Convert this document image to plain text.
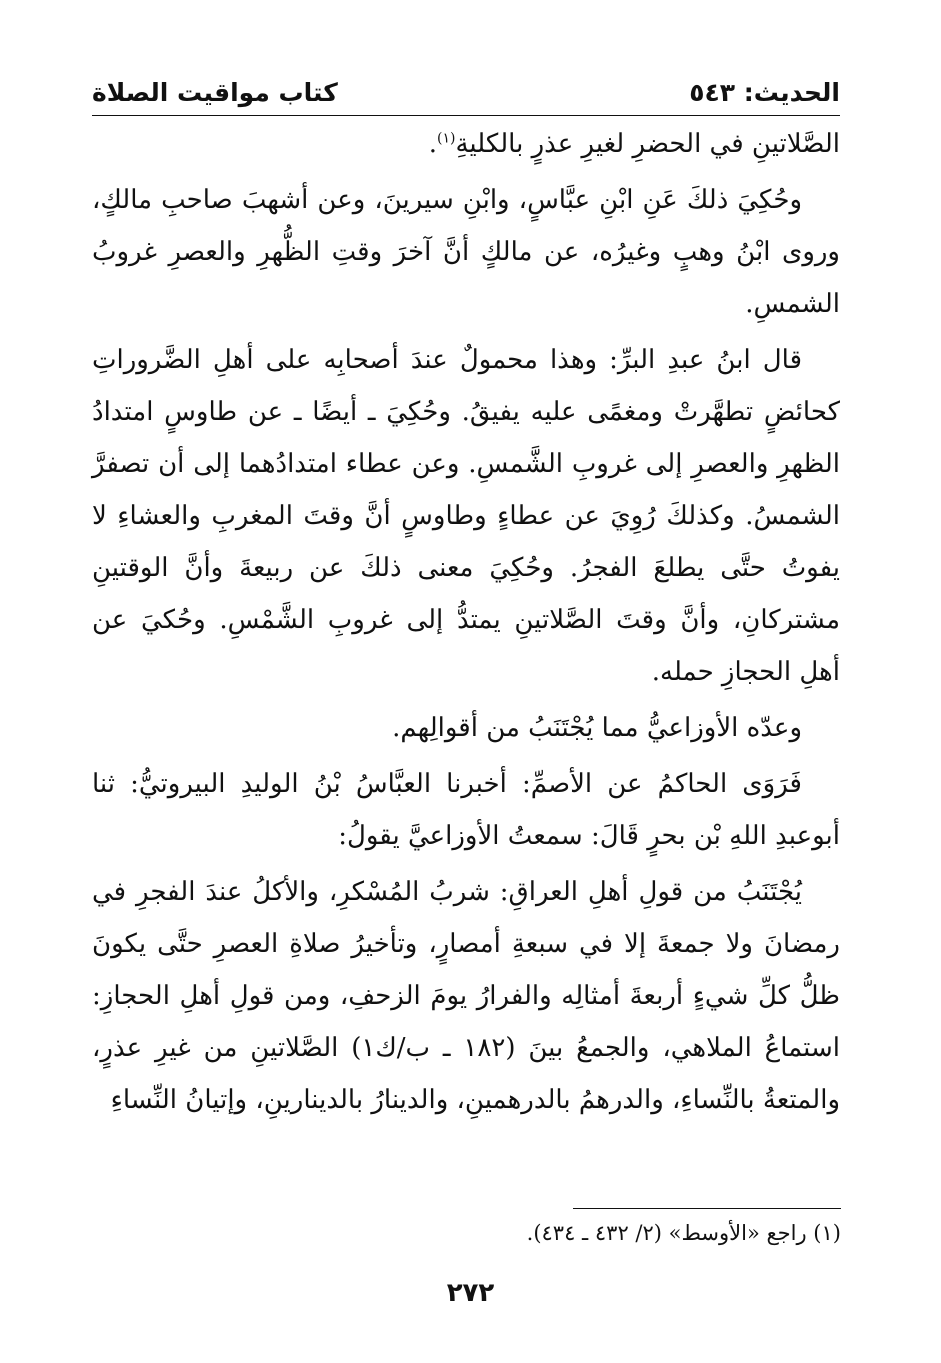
الحديث: ٥٤٣
كتاب مواقيت الصلاة

الصَّلاتينِ في الحضرِ لغيرِ عذرٍ بالكليةِ$^{(١)}$.

وحُكِيَ ذلكَ عَنِ ابْنِ عبَّاسٍ، وابْنِ سيرينَ، وعن أشهبَ صاحبِ مالكٍ، وروى ابْنُ وهبٍ وغيرُه، عن مالكٍ أنَّ آخرَ وقتِ الظُّهرِ والعصرِ غروبُ الشمسِ.

قال ابنُ عبدِ البرِّ: وهذا محمولٌ عندَ أصحابِه على أهلِ الضَّروراتِ كحائضٍ تطهَّرتْ ومغمًى عليه يفيقُ. وحُكِيَ ـ أيضًا ـ عن طاوسٍ امتدادُ الظهرِ والعصرِ إلى غروبِ الشَّمسِ. وعن عطاء امتدادُهما إلى أن تصفرَّ الشمسُ. وكذلكَ رُوِيَ عن عطاءٍ وطاوسٍ أنَّ وقتَ المغربِ والعشاءِ لا يفوتُ حتَّى يطلعَ الفجرُ. وحُكِيَ معنى ذلكَ عن ربيعةَ وأنَّ الوقتينِ مشتركانِ، وأنَّ وقتَ الصَّلاتينِ يمتدُّ إلى غروبِ الشَّمْسِ. وحُكيَ عن أهلِ الحجازِ حمله.

وعدّه الأوزاعيُّ مما يُجْتَنَبُ من أقوالِهم.

فَرَوَى الحاكمُ عن الأصمِّ: أخبرنا العبَّاسُ بْنُ الوليدِ البيروتيُّ: ثنا أبوعبدِ اللهِ بْن بحرٍ قَالَ: سمعتُ الأوزاعيَّ يقولُ:

يُجْتَنَبُ من قولِ أهلِ العراقِ: شربُ المُسْكرِ، والأكلُ عندَ الفجرِ في رمضانَ ولا جمعةَ إلا في سبعةِ أمصارٍ، وتأخيرُ صلاةِ العصرِ حتَّى يكونَ ظلُّ كلِّ شيءٍ أربعةَ أمثالِه والفرارُ يومَ الزحفِ، ومن قولِ أهلِ الحجازِ: استماعُ الملاهي، والجمعُ بينَ (١٨٢ ـ ب/ك١) الصَّلاتينِ من غيرِ عذرٍ، والمتعةُ بالنِّساءِ، والدرهمُ بالدرهمينِ، والدينارُ بالدينارينِ، وإتيانُ النِّساءِ

(١) راجع «الأوسط» (٢/ ٤٣٢ ـ ٤٣٤).
٢٧٢
